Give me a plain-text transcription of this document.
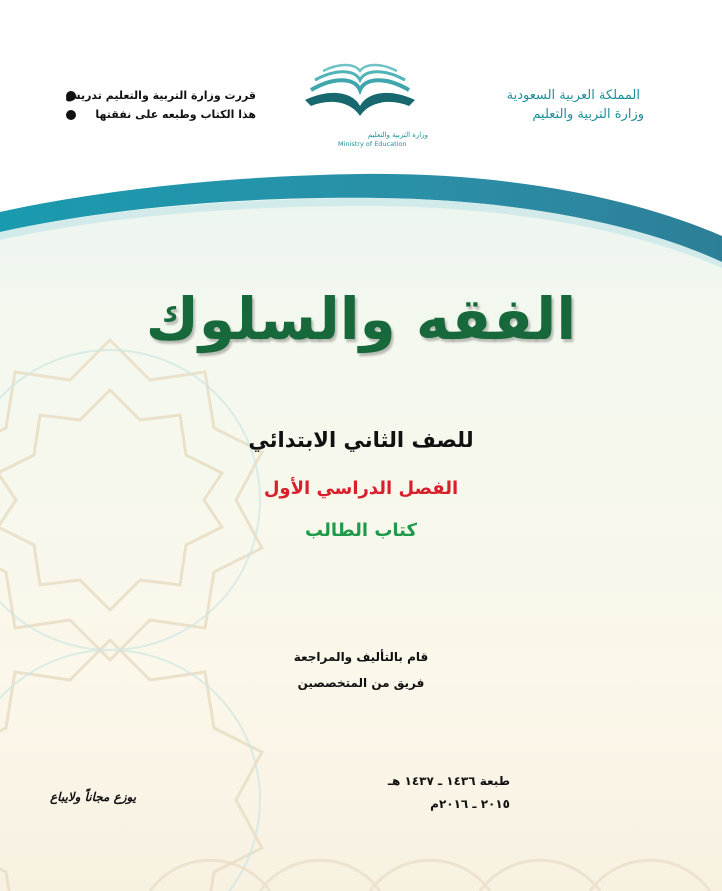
وزارة التربية والتعليم
Ministry of Education
المملكة العربية السعودية
وزارة التربية والتعليم
قررت وزارة التربية والتعليم تدريس
هذا الكتاب وطبعه على نفقتها
الفقه والسلوك
للصف الثاني الابتدائي
الفصل الدراسي الأول
كتاب الطالب
قام بالتأليف والمراجعة
فريق من المتخصصين
طبعة ١٤٣٦ ـ ١٤٣٧ هـ
٢٠١٥ ـ ٢٠١٦م
يوزع مجاناً ولايباع
